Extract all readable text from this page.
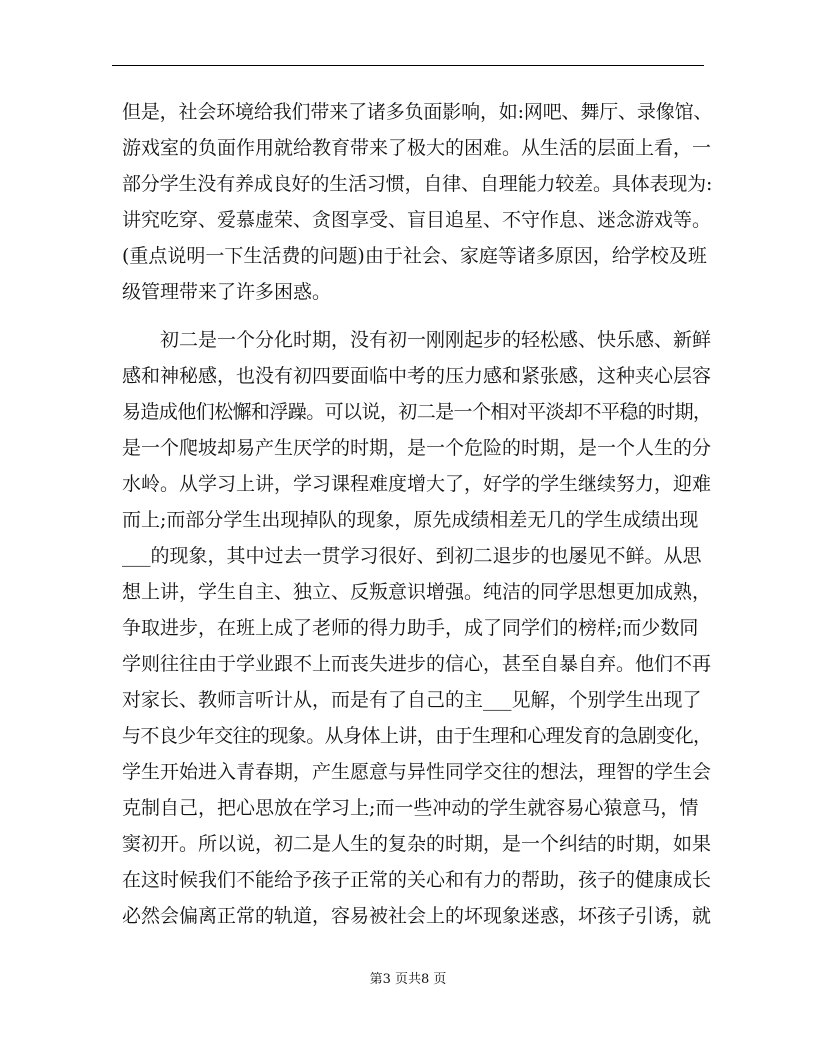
但是，社会环境给我们带来了诸多负面影响，如:网吧、舞厅、录像馆、
游戏室的负面作用就给教育带来了极大的困难。从生活的层面上看，一
部分学生没有养成良好的生活习惯，自律、自理能力较差。具体表现为:
讲究吃穿、爱慕虚荣、贪图享受、盲目追星、不守作息、迷念游戏等。
(重点说明一下生活费的问题)由于社会、家庭等诸多原因，给学校及班
级管理带来了许多困惑。
初二是一个分化时期，没有初一刚刚起步的轻松感、快乐感、新鲜
感和神秘感，也没有初四要面临中考的压力感和紧张感，这种夹心层容
易造成他们松懈和浮躁。可以说，初二是一个相对平淡却不平稳的时期，
是一个爬坡却易产生厌学的时期，是一个危险的时期，是一个人生的分
水岭。从学习上讲，学习课程难度增大了，好学的学生继续努力，迎难
而上;而部分学生出现掉队的现象，原先成绩相差无几的学生成绩出现
___的现象，其中过去一贯学习很好、到初二退步的也屡见不鲜。从思
想上讲，学生自主、独立、反叛意识增强。纯洁的同学思想更加成熟，
争取进步，在班上成了老师的得力助手，成了同学们的榜样;而少数同
学则往往由于学业跟不上而丧失进步的信心，甚至自暴自弃。他们不再
对家长、教师言听计从，而是有了自己的主___见解，个别学生出现了
与不良少年交往的现象。从身体上讲，由于生理和心理发育的急剧变化，
学生开始进入青春期，产生愿意与异性同学交往的想法，理智的学生会
克制自己，把心思放在学习上;而一些冲动的学生就容易心猿意马，情
窦初开。所以说，初二是人生的复杂的时期，是一个纠结的时期，如果
在这时候我们不能给予孩子正常的关心和有力的帮助，孩子的健康成长
必然会偏离正常的轨道，容易被社会上的坏现象迷惑，坏孩子引诱，就
第3 页共8 页
